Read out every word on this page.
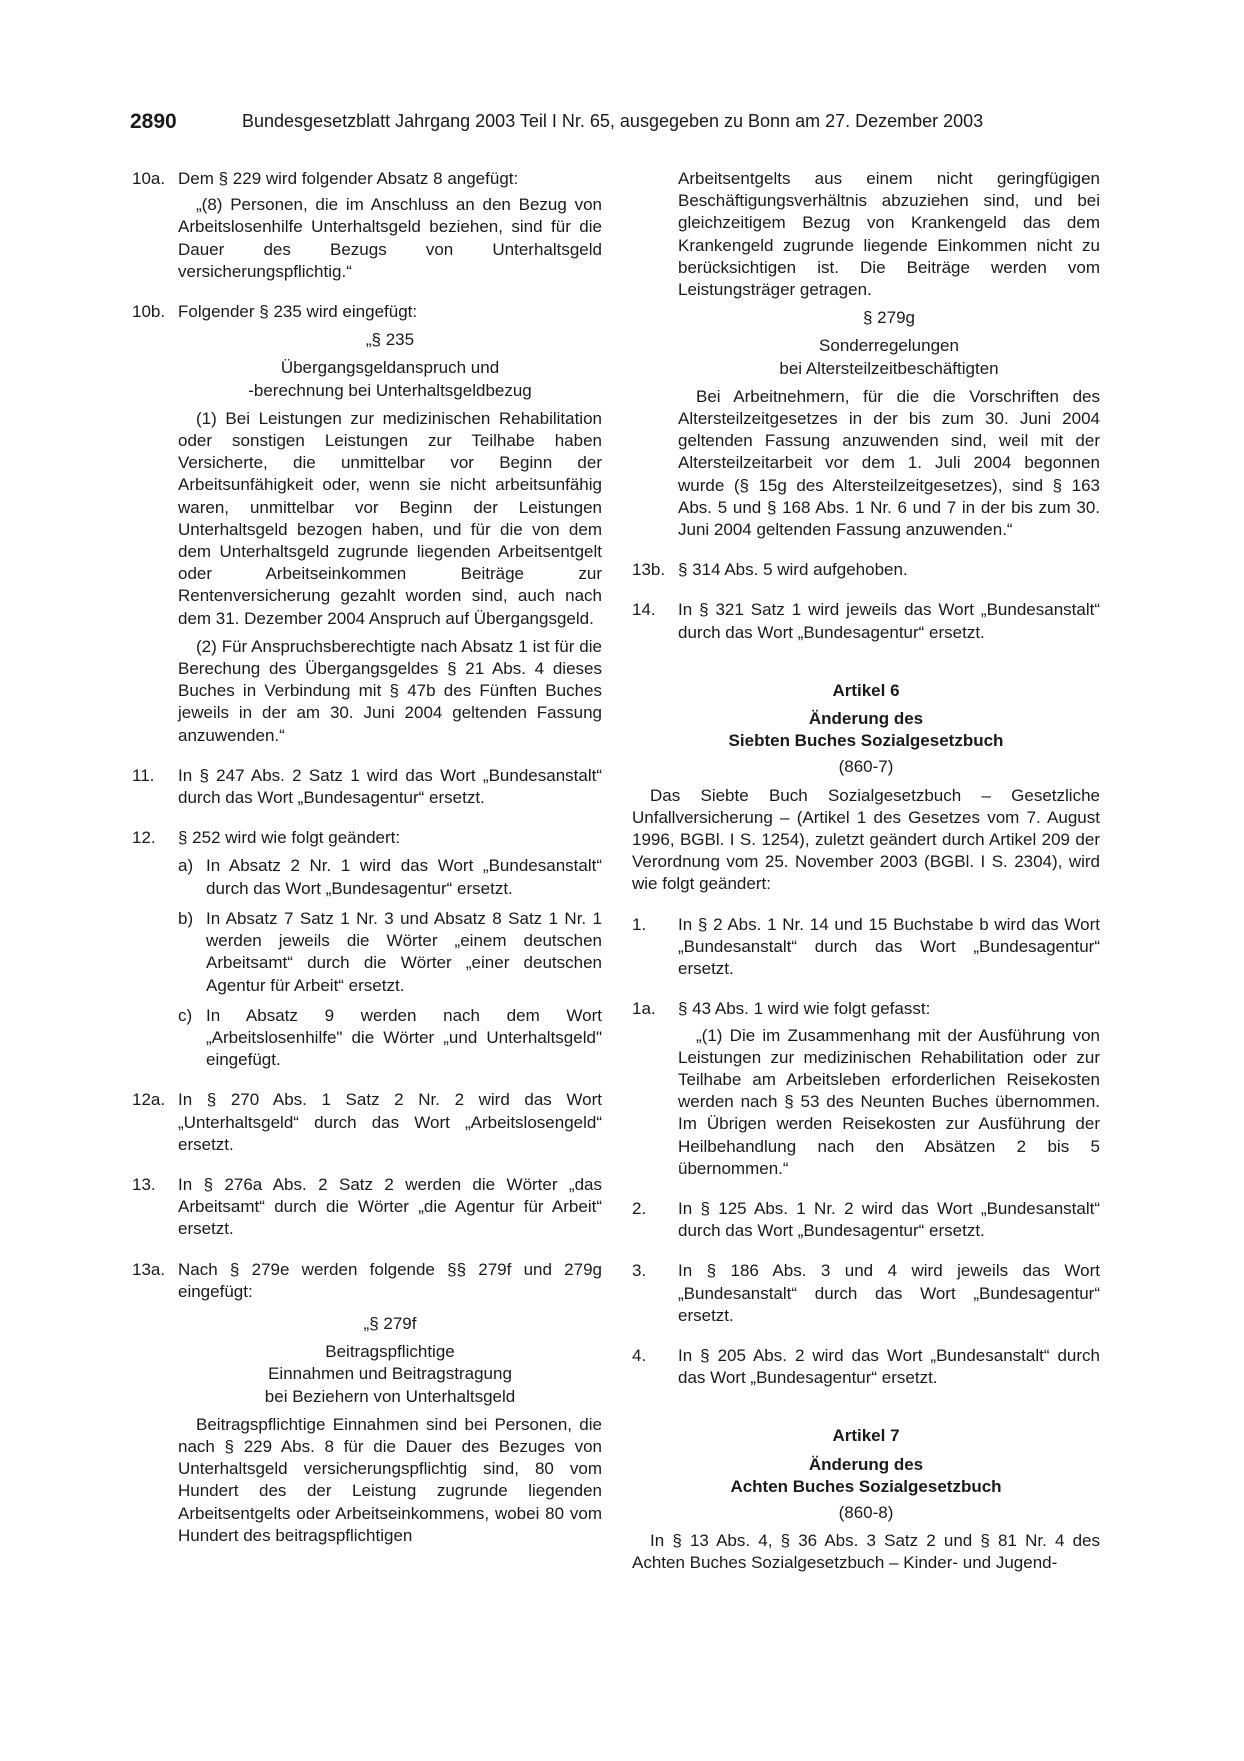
2890	Bundesgesetzblatt Jahrgang 2003 Teil I Nr. 65, ausgegeben zu Bonn am 27. Dezember 2003
10a. Dem § 229 wird folgender Absatz 8 angefügt:
„(8) Personen, die im Anschluss an den Bezug von Arbeitslosenhilfe Unterhaltsgeld beziehen, sind für die Dauer des Bezugs von Unterhaltsgeld versicherungspflichtig.“
10b. Folgender § 235 wird eingefügt:
„§ 235
Übergangsgeldanspruch und
-berechnung bei Unterhaltsgeldbezug
(1) Bei Leistungen zur medizinischen Rehabilitation oder sonstigen Leistungen zur Teilhabe haben Versicherte, die unmittelbar vor Beginn der Arbeitsunfähigkeit oder, wenn sie nicht arbeitsunfähig waren, unmittelbar vor Beginn der Leistungen Unterhaltsgeld bezogen haben, und für die von dem dem Unterhaltsgeld zugrunde liegenden Arbeitsentgelt oder Arbeitseinkommen Beiträge zur Rentenversicherung gezahlt worden sind, auch nach dem 31. Dezember 2004 Anspruch auf Übergangsgeld.
(2) Für Anspruchsberechtigte nach Absatz 1 ist für die Berechung des Übergangsgeldes § 21 Abs. 4 dieses Buches in Verbindung mit § 47b des Fünften Buches jeweils in der am 30. Juni 2004 geltenden Fassung anzuwenden.“
11. In § 247 Abs. 2 Satz 1 wird das Wort „Bundesanstalt“ durch das Wort „Bundesagentur“ ersetzt.
12. § 252 wird wie folgt geändert:
a) In Absatz 2 Nr. 1 wird das Wort „Bundesanstalt“ durch das Wort „Bundesagentur“ ersetzt.
b) In Absatz 7 Satz 1 Nr. 3 und Absatz 8 Satz 1 Nr. 1 werden jeweils die Wörter „einem deutschen Arbeitsamt“ durch die Wörter „einer deutschen Agentur für Arbeit“ ersetzt.
c) In Absatz 9 werden nach dem Wort „Arbeitslosenhilfe" die Wörter „und Unterhaltsgeld" eingefügt.
12a. In § 270 Abs. 1 Satz 2 Nr. 2 wird das Wort „Unterhaltsgeld“ durch das Wort „Arbeitslosengeld“ ersetzt.
13. In § 276a Abs. 2 Satz 2 werden die Wörter „das Arbeitsamt“ durch die Wörter „die Agentur für Arbeit“ ersetzt.
13a. Nach § 279e werden folgende §§ 279f und 279g eingefügt:
„§ 279f
Beitragspflichtige
Einnahmen und Beitragstragung
bei Beziehern von Unterhaltsgeld
Beitragspflichtige Einnahmen sind bei Personen, die nach § 229 Abs. 8 für die Dauer des Bezuges von Unterhaltsgeld versicherungspflichtig sind, 80 vom Hundert des der Leistung zugrunde liegenden Arbeitsentgelts oder Arbeitseinkommens, wobei 80 vom Hundert des beitragspflichtigen
Arbeitsentgelts aus einem nicht geringfügigen Beschäftigungsverhältnis abzuziehen sind, und bei gleichzeitigem Bezug von Krankengeld das dem Krankengeld zugrunde liegende Einkommen nicht zu berücksichtigen ist. Die Beiträge werden vom Leistungsträger getragen.
§ 279g
Sonderregelungen
bei Altersteilzeitbeschäftigten
Bei Arbeitnehmern, für die die Vorschriften des Altersteilzeitgesetzes in der bis zum 30. Juni 2004 geltenden Fassung anzuwenden sind, weil mit der Altersteilzeitarbeit vor dem 1. Juli 2004 begonnen wurde (§ 15g des Altersteilzeitgesetzes), sind § 163 Abs. 5 und § 168 Abs. 1 Nr. 6 und 7 in der bis zum 30. Juni 2004 geltenden Fassung anzuwenden.“
13b. § 314 Abs. 5 wird aufgehoben.
14. In § 321 Satz 1 wird jeweils das Wort „Bundesanstalt“ durch das Wort „Bundesagentur“ ersetzt.
Artikel 6
Änderung des
Siebten Buches Sozialgesetzbuch
(860-7)
Das Siebte Buch Sozialgesetzbuch – Gesetzliche Unfallversicherung – (Artikel 1 des Gesetzes vom 7. August 1996, BGBl. I S. 1254), zuletzt geändert durch Artikel 209 der Verordnung vom 25. November 2003 (BGBl. I S. 2304), wird wie folgt geändert:
1. In § 2 Abs. 1 Nr. 14 und 15 Buchstabe b wird das Wort „Bundesanstalt“ durch das Wort „Bundesagentur“ ersetzt.
1a. § 43 Abs. 1 wird wie folgt gefasst:
„(1) Die im Zusammenhang mit der Ausführung von Leistungen zur medizinischen Rehabilitation oder zur Teilhabe am Arbeitsleben erforderlichen Reisekosten werden nach § 53 des Neunten Buches übernommen. Im Übrigen werden Reisekosten zur Ausführung der Heilbehandlung nach den Absätzen 2 bis 5 übernommen.“
2. In § 125 Abs. 1 Nr. 2 wird das Wort „Bundesanstalt“ durch das Wort „Bundesagentur“ ersetzt.
3. In § 186 Abs. 3 und 4 wird jeweils das Wort „Bundesanstalt“ durch das Wort „Bundesagentur“ ersetzt.
4. In § 205 Abs. 2 wird das Wort „Bundesanstalt“ durch das Wort „Bundesagentur“ ersetzt.
Artikel 7
Änderung des
Achten Buches Sozialgesetzbuch
(860-8)
In § 13 Abs. 4, § 36 Abs. 3 Satz 2 und § 81 Nr. 4 des Achten Buches Sozialgesetzbuch – Kinder- und Jugend-
